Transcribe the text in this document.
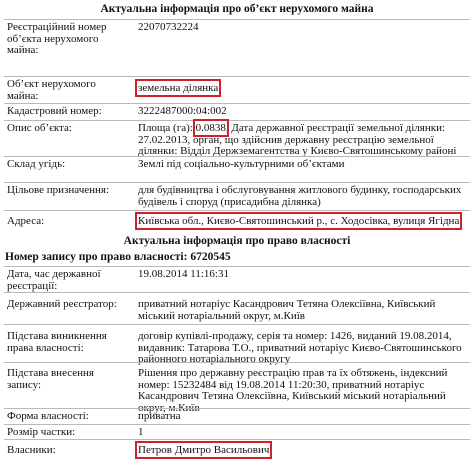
Актуальна інформація про об’єкт нерухомого майна
Реєстраційний номер об’єкта нерухомого майна:
22070732224
Об’єкт нерухомого майна:
земельна ділянка
Кадастровий номер:	3222487000:04:002
Опис об’єкта:	Площа (га): 0.0838, Дата державної реєстрації земельної ділянки: 27.02.2013, орган, що здійснив державну реєстрацію земельної ділянки: Відділ Держземагентства у Києво-Святошинському районі
Склад угідь:	Землі під соціально-культурними об’єктами
Цільове призначення:	для будівництва і обслуговування житлового будинку, господарських будівель і споруд (присадибна ділянка)
Адреса:	Київська обл., Києво-Святошинський р., с. Ходосівка, вулиця Ягідна
Актуальна інформація про право власності
Номер запису про право власності: 6720545
Дата, час державної реєстрації:
19.08.2014 11:16:31
Державний реєстратор:	приватний нотаріус Касандрович Тетяна Олексіївна, Київський міський нотаріальний округ, м.Київ
Підстава виникнення права власності:
договір купівлі-продажу, серія та номер: 1426, виданий 19.08.2014, видавник: Татарова Т.О., приватний нотаріус Києво-Святошинського районного нотаріального округу
Підстава внесення запису:
Рішення про державну реєстрацію прав та їх обтяжень, індексний номер: 15232484 від 19.08.2014 11:20:30, приватний нотаріус Касандрович Тетяна Олексіївна, Київський міський нотаріальний округ, м.Київ
Форма власності:	приватна
Розмір частки:	1
Власники:	Петров Дмитро Васильович
